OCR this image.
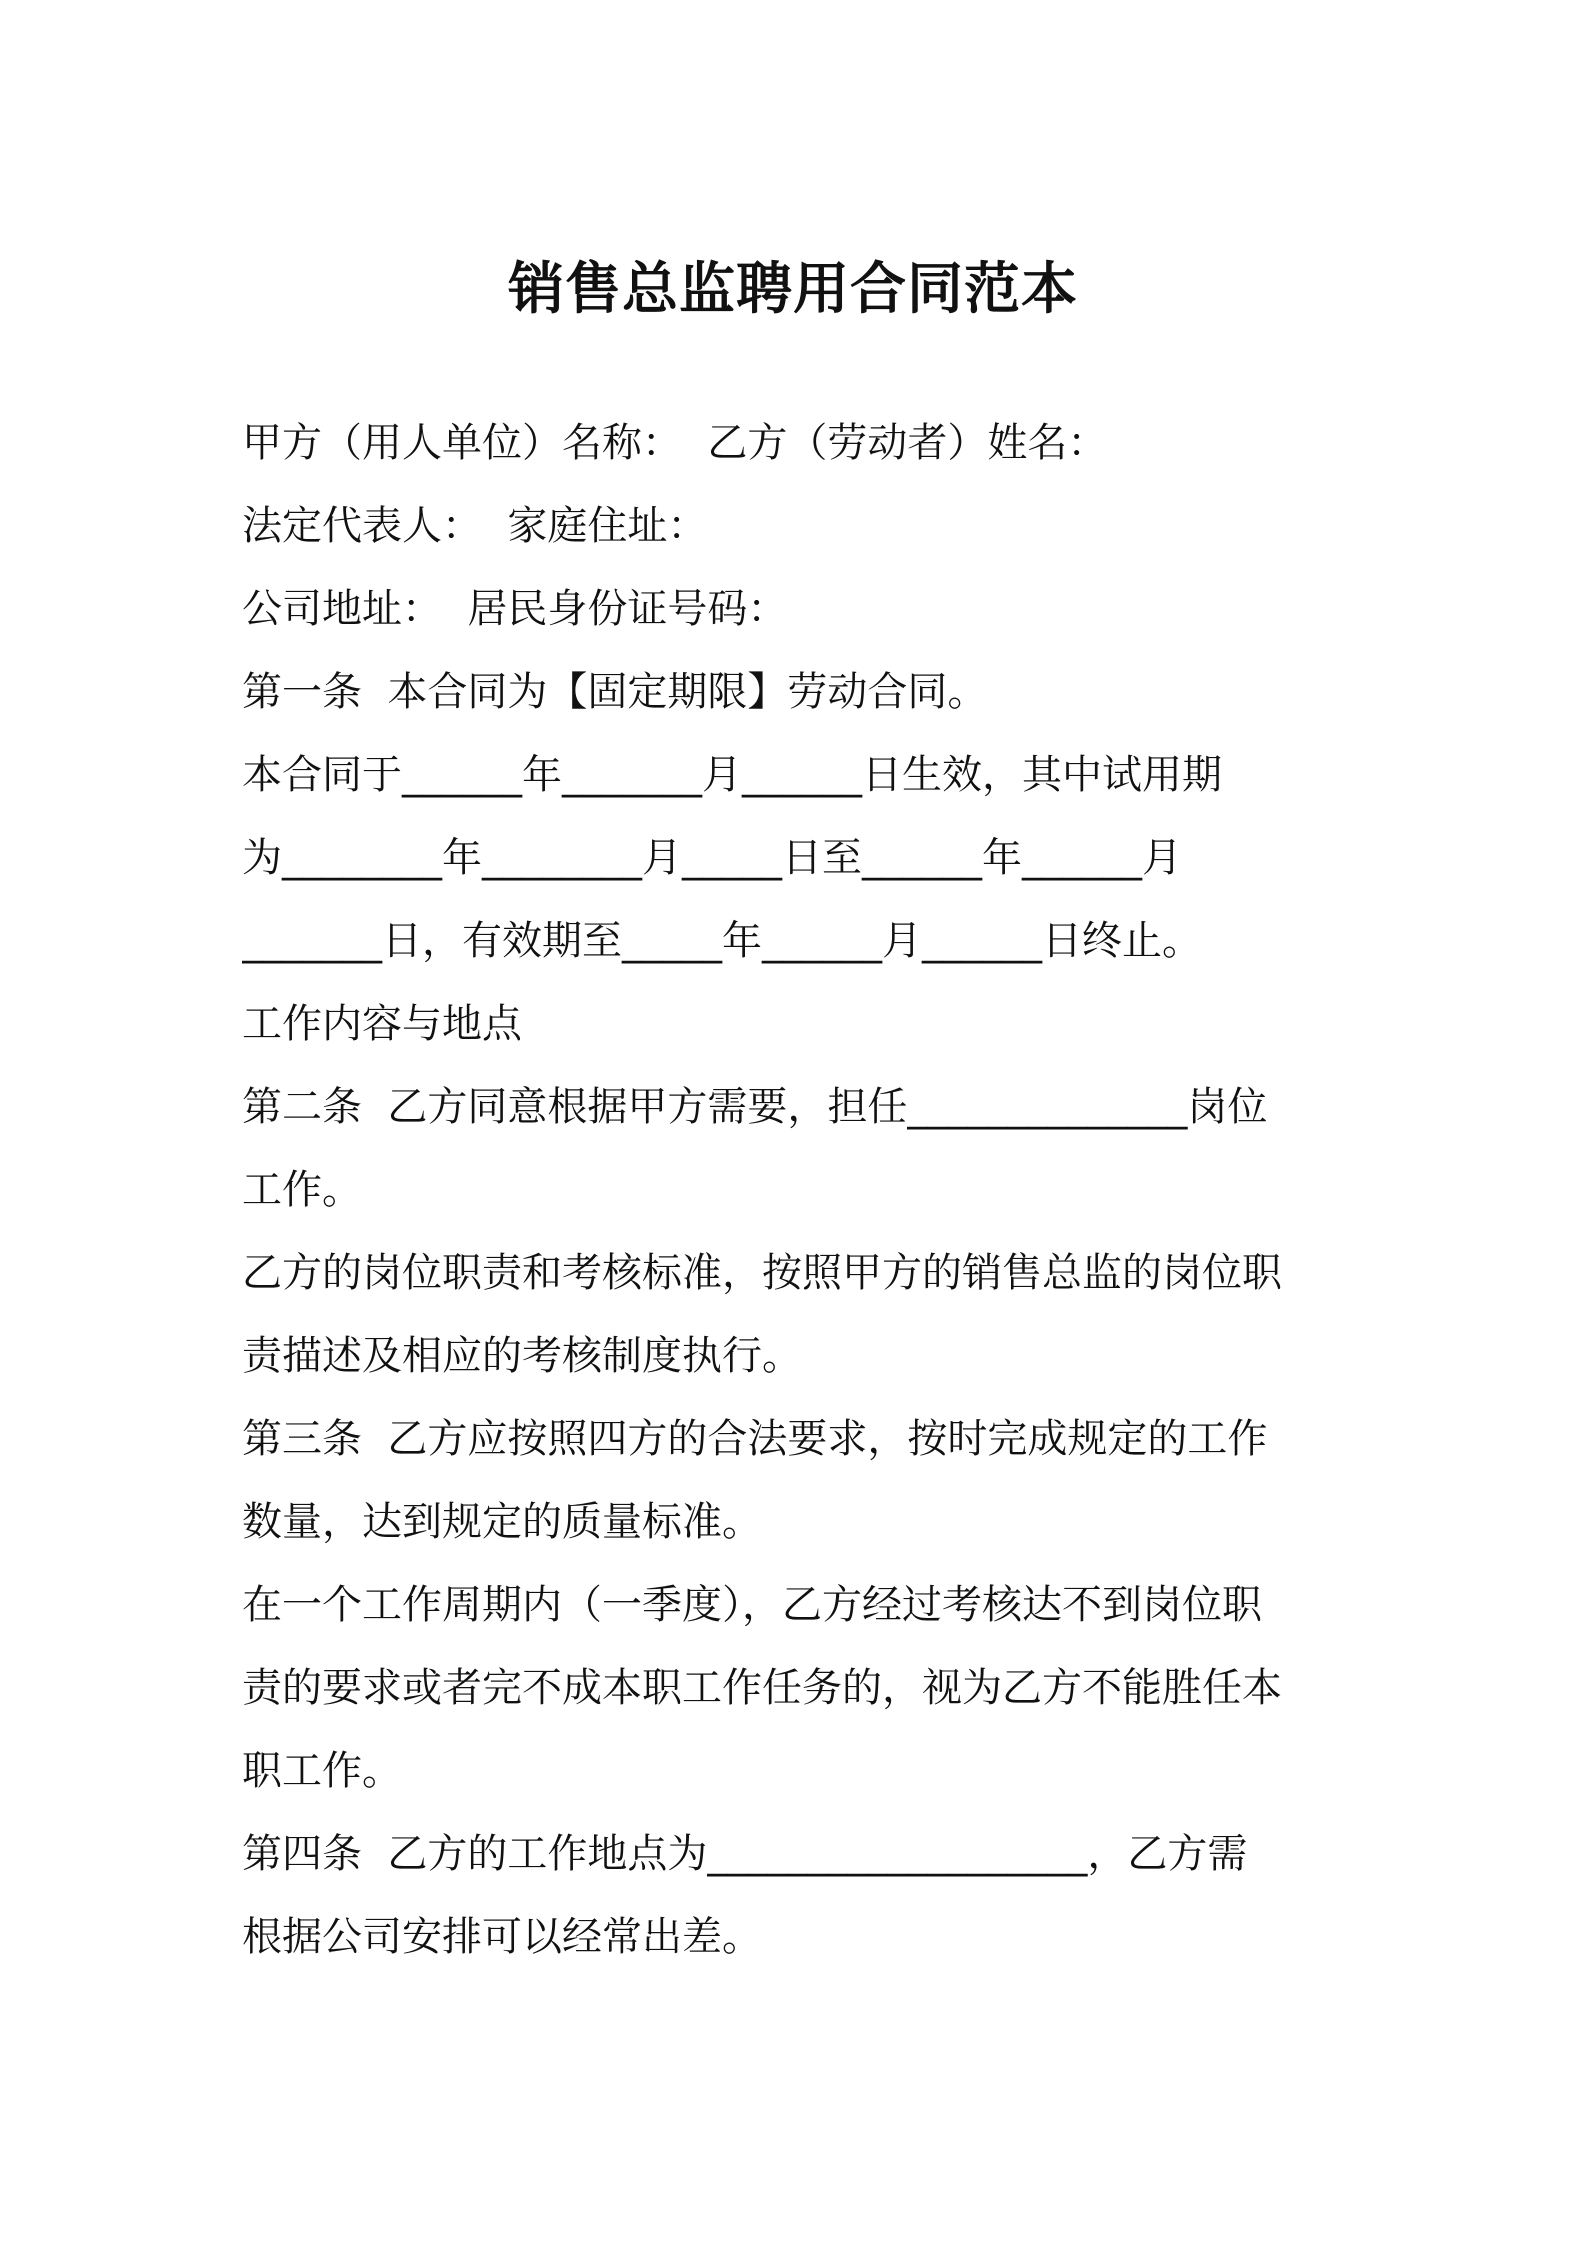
销售总监聘用合同范本
甲方（用人单位）名称：  乙方（劳动者）姓名：
法定代表人：  家庭住址：
公司地址：  居民身份证号码：
第一条  本合同为【固定期限】劳动合同。
本合同于______年_______月______日生效，其中试用期
为________年________月_____日至______年______月
_______日，有效期至_____年______月______日终止。
工作内容与地点
第二条  乙方同意根据甲方需要，担任______________岗位
工作。
乙方的岗位职责和考核标准，按照甲方的销售总监的岗位职
责描述及相应的考核制度执行。
第三条  乙方应按照四方的合法要求，按时完成规定的工作
数量，达到规定的质量标准。
在一个工作周期内（一季度），乙方经过考核达不到岗位职
责的要求或者完不成本职工作任务的，视为乙方不能胜任本
职工作。
第四条  乙方的工作地点为___________________，乙方需
根据公司安排可以经常出差。
